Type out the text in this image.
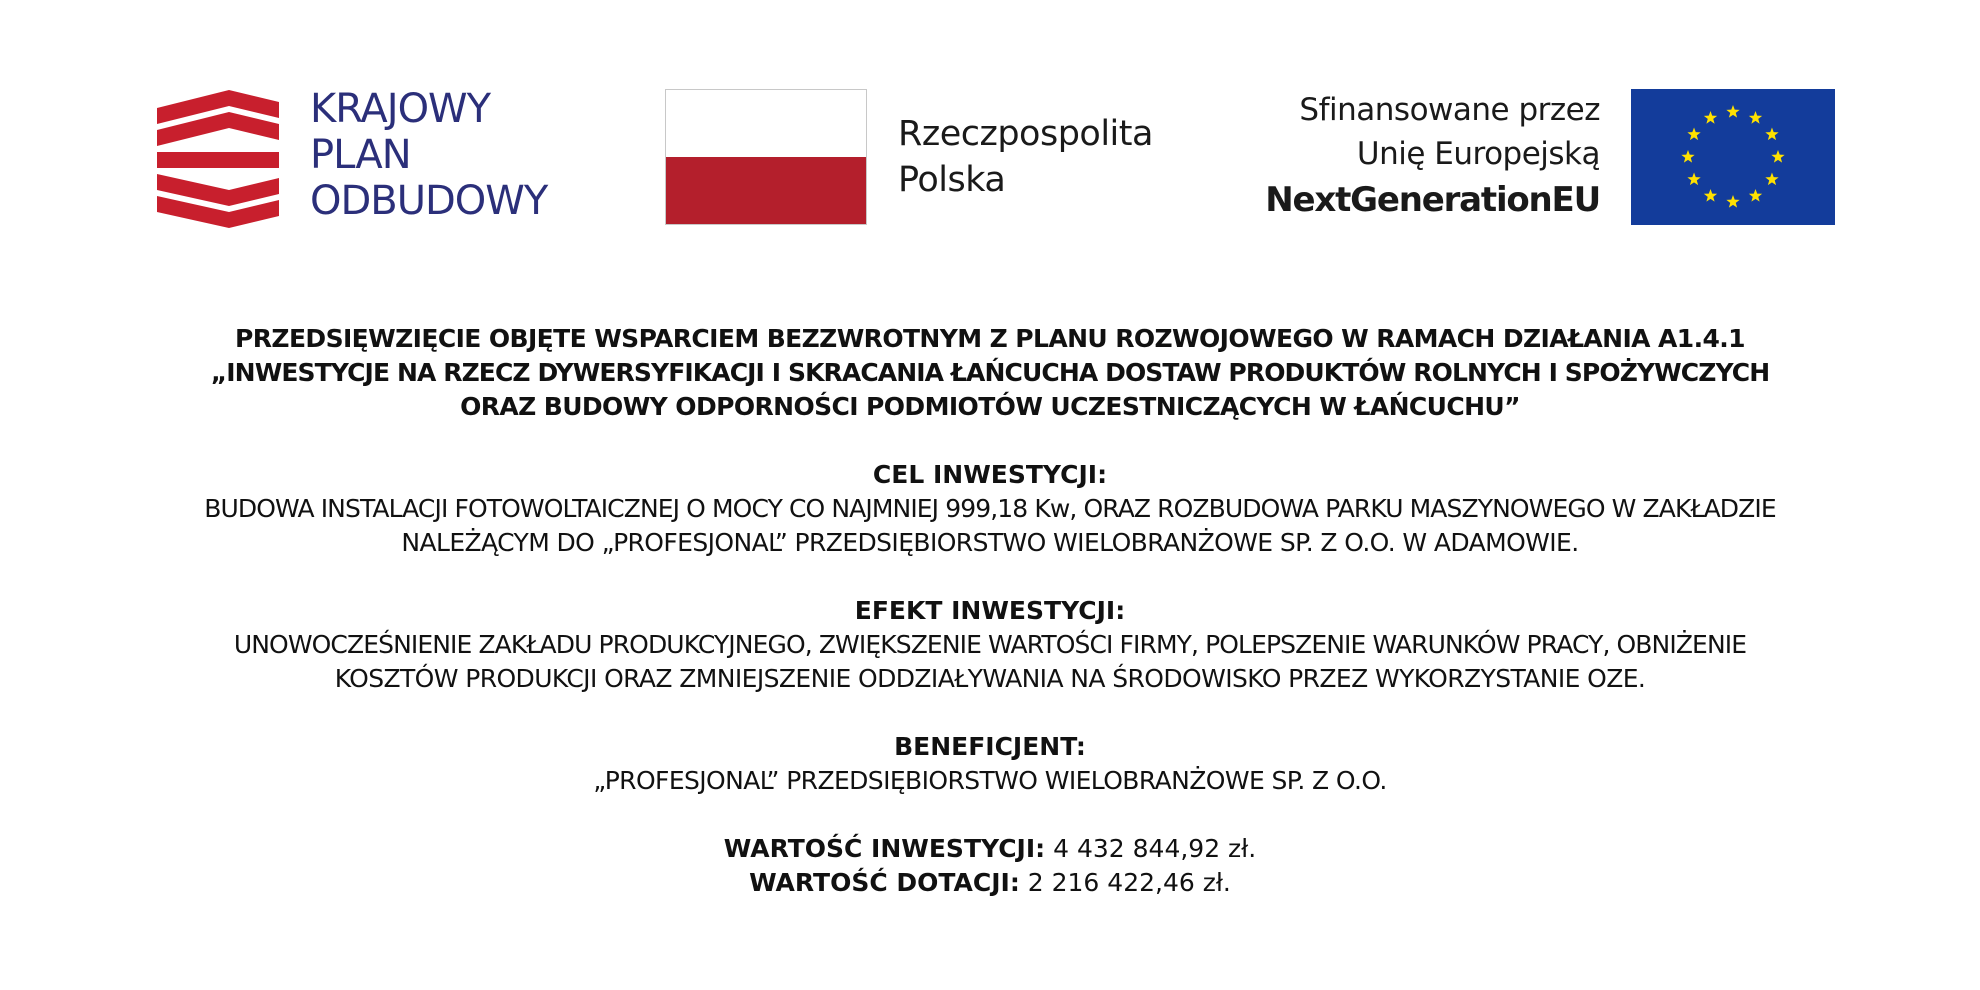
KRAJOWY
PLAN
ODBUDOWY
Rzeczpospolita
Polska
Sfinansowane przez
Unię Europejską
NextGenerationEU
PRZEDSIĘWZIĘCIE OBJĘTE WSPARCIEM BEZZWROTNYM Z PLANU ROZWOJOWEGO W RAMACH DZIAŁANIA A1.4.1
„INWESTYCJE NA RZECZ DYWERSYFIKACJI I SKRACANIA ŁAŃCUCHA DOSTAW PRODUKTÓW ROLNYCH I SPOŻYWCZYCH
ORAZ BUDOWY ODPORNOŚCI PODMIOTÓW UCZESTNICZĄCYCH W ŁAŃCUCHU”
CEL INWESTYCJI:
BUDOWA INSTALACJI FOTOWOLTAICZNEJ O MOCY CO NAJMNIEJ 999,18 Kw, ORAZ ROZBUDOWA PARKU MASZYNOWEGO W ZAKŁADZIE
NALEŻĄCYM DO „PROFESJONAL” PRZEDSIĘBIORSTWO WIELOBRANŻOWE SP. Z O.O. W ADAMOWIE.
EFEKT INWESTYCJI:
UNOWOCZEŚNIENIE ZAKŁADU PRODUKCYJNEGO, ZWIĘKSZENIE WARTOŚCI FIRMY, POLEPSZENIE WARUNKÓW PRACY, OBNIŻENIE
KOSZTÓW PRODUKCJI ORAZ ZMNIEJSZENIE ODDZIAŁYWANIA NA ŚRODOWISKO PRZEZ WYKORZYSTANIE OZE.
BENEFICJENT:
„PROFESJONAL” PRZEDSIĘBIORSTWO WIELOBRANŻOWE SP. Z O.O.
WARTOŚĆ INWESTYCJI: 4 432 844,92 zł.
WARTOŚĆ DOTACJI: 2 216 422,46 zł.
